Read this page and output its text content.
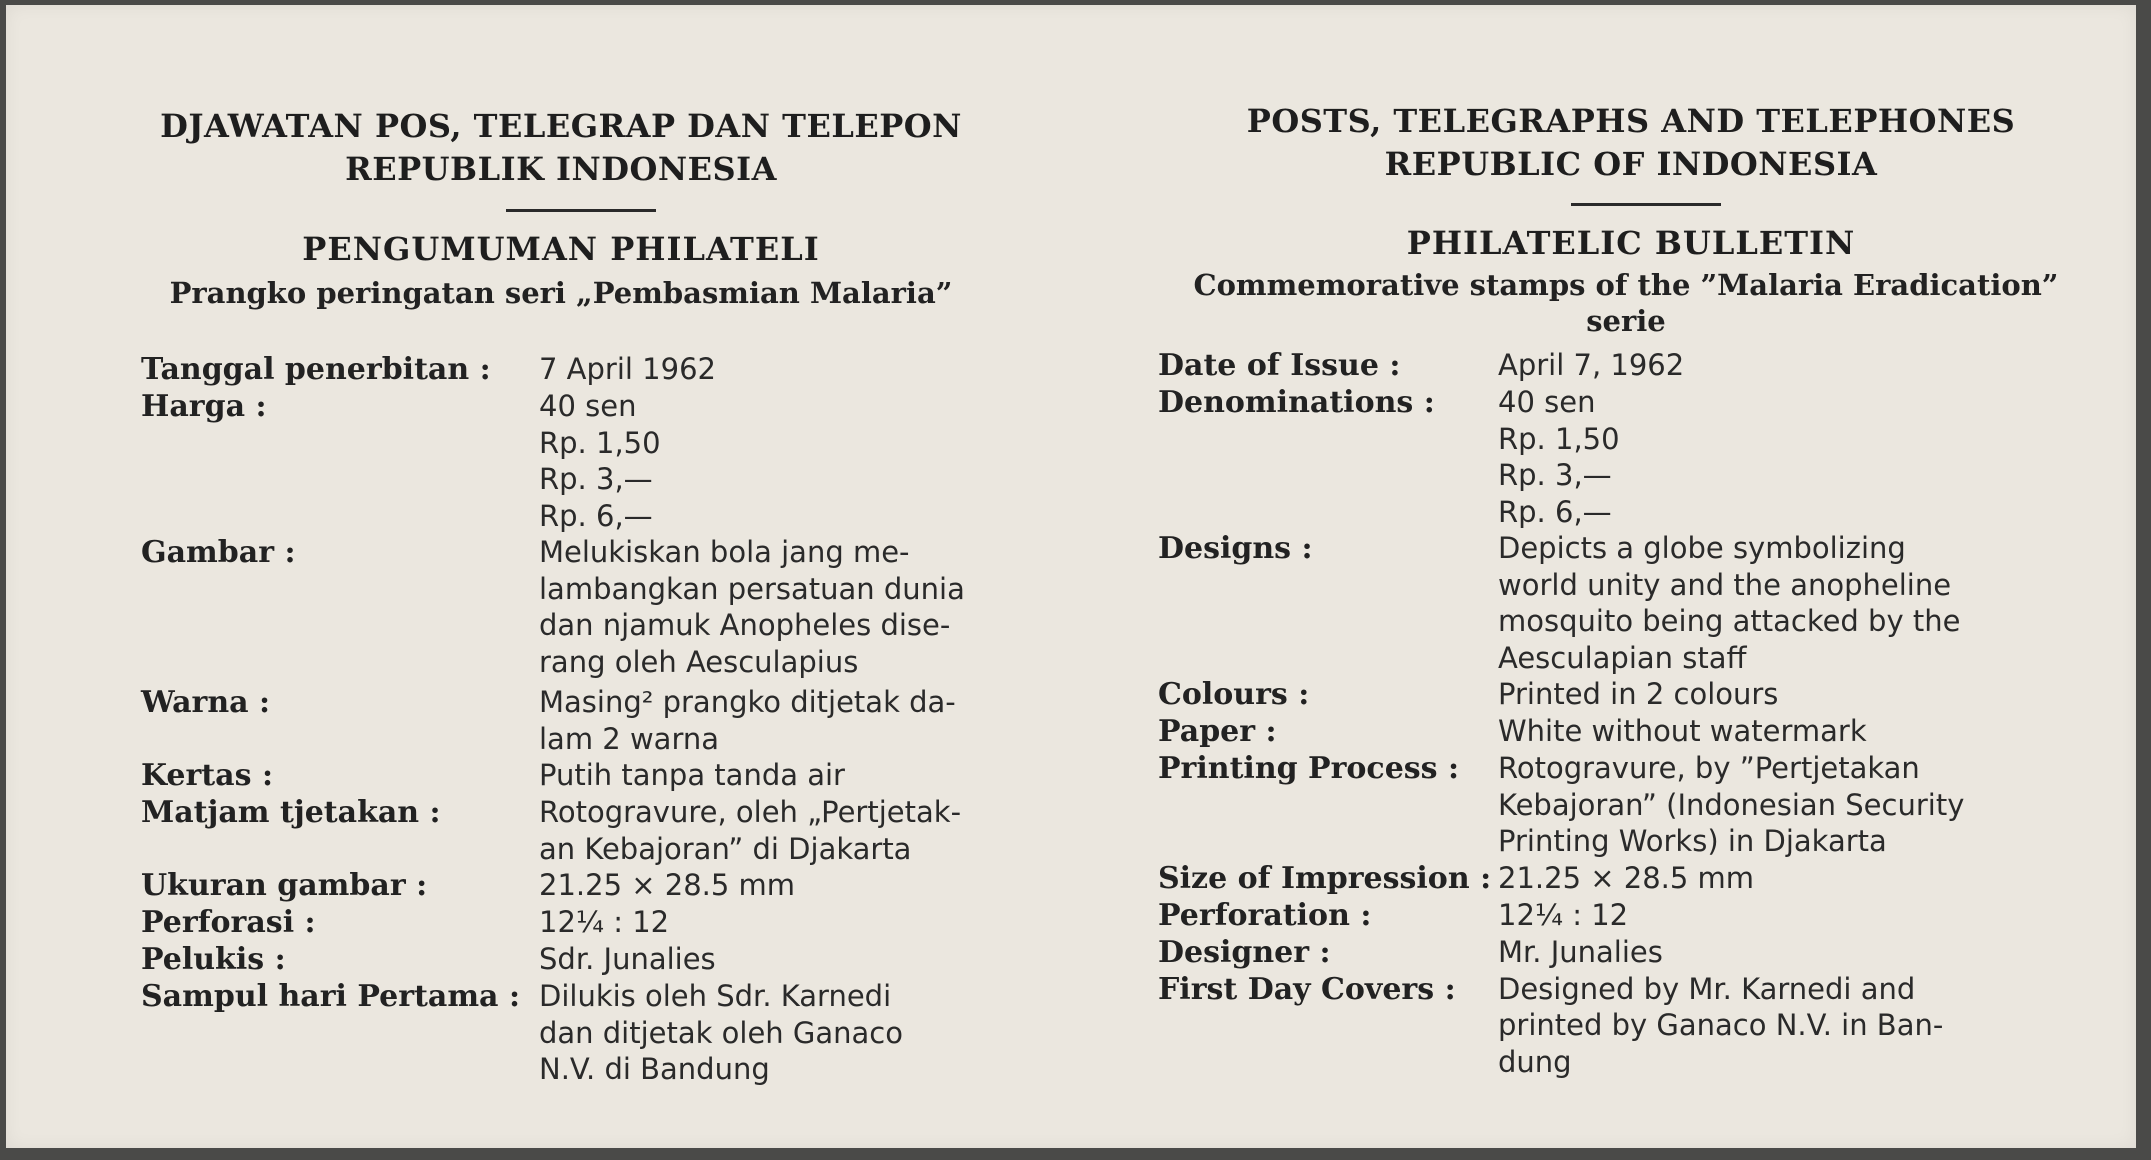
DJAWATAN POS, TELEGRAP DAN TELEPON
REPUBLIK INDONESIA
PENGUMUMAN PHILATELI
Prangko peringatan seri „Pembasmian Malaria”
Tanggal penerbitan :	7 April 1962
Harga :	40 sen
Rp. 1,50
Rp. 3,—
Rp. 6,—
Gambar :	Melukiskan bola jang me-
lambangkan persatuan dunia
dan njamuk Anopheles dise-
rang oleh Aesculapius
Warna :	Masing² prangko ditjetak da-
lam 2 warna
Kertas :	Putih tanpa tanda air
Matjam tjetakan :	Rotogravure, oleh „Pertjetak-
an Kebajoran” di Djakarta
Ukuran gambar :	21.25 × 28.5 mm
Perforasi :	12¼ : 12
Pelukis :	Sdr. Junalies
Sampul hari Pertama : Dilukis oleh Sdr. Karnedi
dan ditjetak oleh Ganaco
N.V. di Bandung
POSTS, TELEGRAPHS AND TELEPHONES
REPUBLIC OF INDONESIA
PHILATELIC BULLETIN
Commemorative stamps of the ”Malaria Eradication”
serie
Date of Issue :	April 7, 1962
Denominations :	40 sen
Rp. 1,50
Rp. 3,—
Rp. 6,—
Designs :	Depicts a globe symbolizing
world unity and the anopheline
mosquito being attacked by the
Aesculapian staff
Colours :	Printed in 2 colours
Paper :	White without watermark
Printing Process :	Rotogravure, by ”Pertjetakan
Kebajoran” (Indonesian Security
Printing Works) in Djakarta
Size of Impression : 21.25 × 28.5 mm
Perforation :	12¼ : 12
Designer :	Mr. Junalies
First Day Covers :	Designed by Mr. Karnedi and
printed by Ganaco N.V. in Ban-
dung
